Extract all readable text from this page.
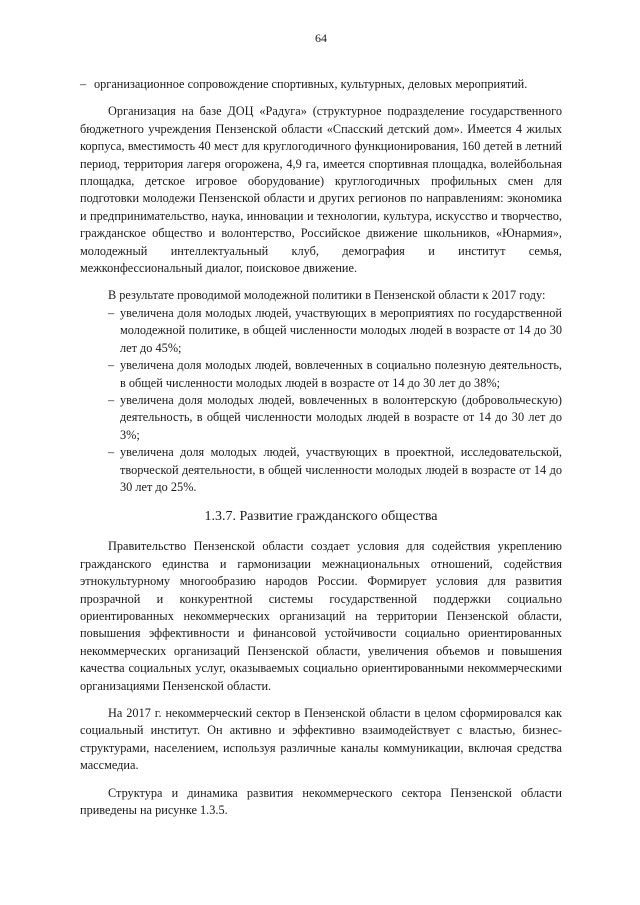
64
– организационное сопровождение спортивных, культурных, деловых мероприятий.

Организация на базе ДОЦ «Радуга» (структурное подразделение государственного бюджетного учреждения Пензенской области «Спасский детский дом». Имеется 4 жилых корпуса, вместимость 40 мест для круглогодичного функционирования, 160 детей в летний период, территория лагеря огорожена, 4,9 га, имеется спортивная площадка, волейбольная площадка, детское игровое оборудование) круглогодичных профильных смен для подготовки молодежи Пензенской области и других регионов по направлениям: экономика и предпринимательство, наука, инновации и технологии, культура, искусство и творчество, гражданское общество и волонтерство, Российское движение школьников, «Юнармия», молодежный интеллектуальный клуб, демография и институт семья, межконфессиональный диалог, поисковое движение.

В результате проводимой молодежной политики в Пензенской области к 2017 году:

– увеличена доля молодых людей, участвующих в мероприятиях по государственной молодежной политике, в общей численности молодых людей в возрасте от 14 до 30 лет до 45%;
– увеличена доля молодых людей, вовлеченных в социально полезную деятельность, в общей численности молодых людей в возрасте от 14 до 30 лет до 38%;
– увеличена доля молодых людей, вовлеченных в волонтерскую (добровольческую) деятельность, в общей численности молодых людей в возрасте от 14 до 30 лет до 3%;
– увеличена доля молодых людей, участвующих в проектной, исследовательской, творческой деятельности, в общей численности молодых людей в возрасте от 14 до 30 лет до 25%.
1.3.7. Развитие гражданского общества

Правительство Пензенской области создает условия для содействия укреплению гражданского единства и гармонизации межнациональных отношений, содействия этнокультурному многообразию народов России. Формирует условия для развития прозрачной и конкурентной системы государственной поддержки социально ориентированных некоммерческих организаций на территории Пензенской области, повышения эффективности и финансовой устойчивости социально ориентированных некоммерческих организаций Пензенской области, увеличения объемов и повышения качества социальных услуг, оказываемых социально ориентированными некоммерческими организациями Пензенской области.

На 2017 г. некоммерческий сектор в Пензенской области в целом сформировался как социальный институт. Он активно и эффективно взаимодействует с властью, бизнес-структурами, населением, используя различные каналы коммуникации, включая средства массмедиа.

Структура и динамика развития некоммерческого сектора Пензенской области приведены на рисунке 1.3.5.
